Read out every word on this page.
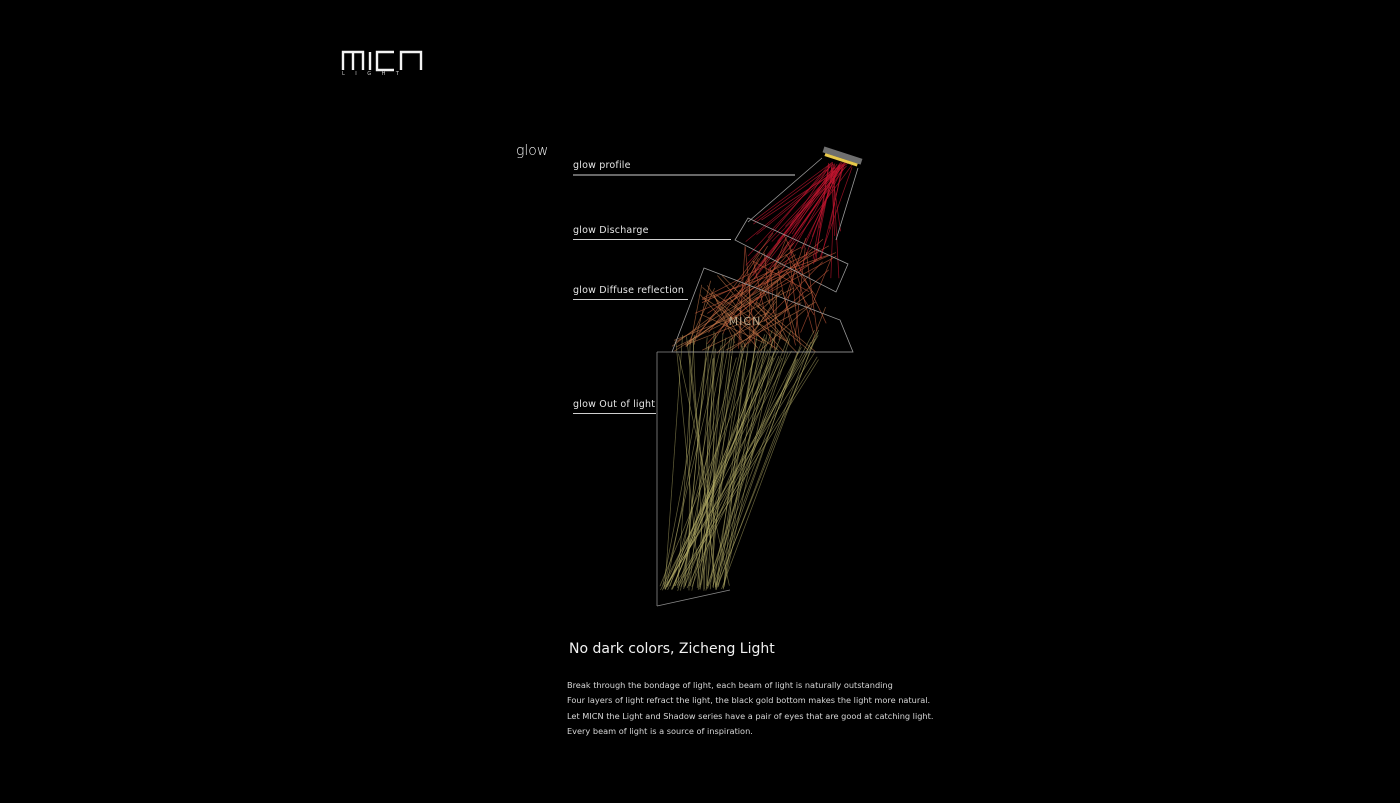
LIGHT
glow
glow profile
glow Discharge
glow Diffuse reflection
glow Out of light
MICN
No dark colors, Zicheng Light
Break through the bondage of light, each beam of light is naturally outstanding
Four layers of light refract the light, the black gold bottom makes the light more natural.
Let MICN the Light and Shadow series have a pair of eyes that are good at catching light.
Every beam of light is a source of inspiration.
